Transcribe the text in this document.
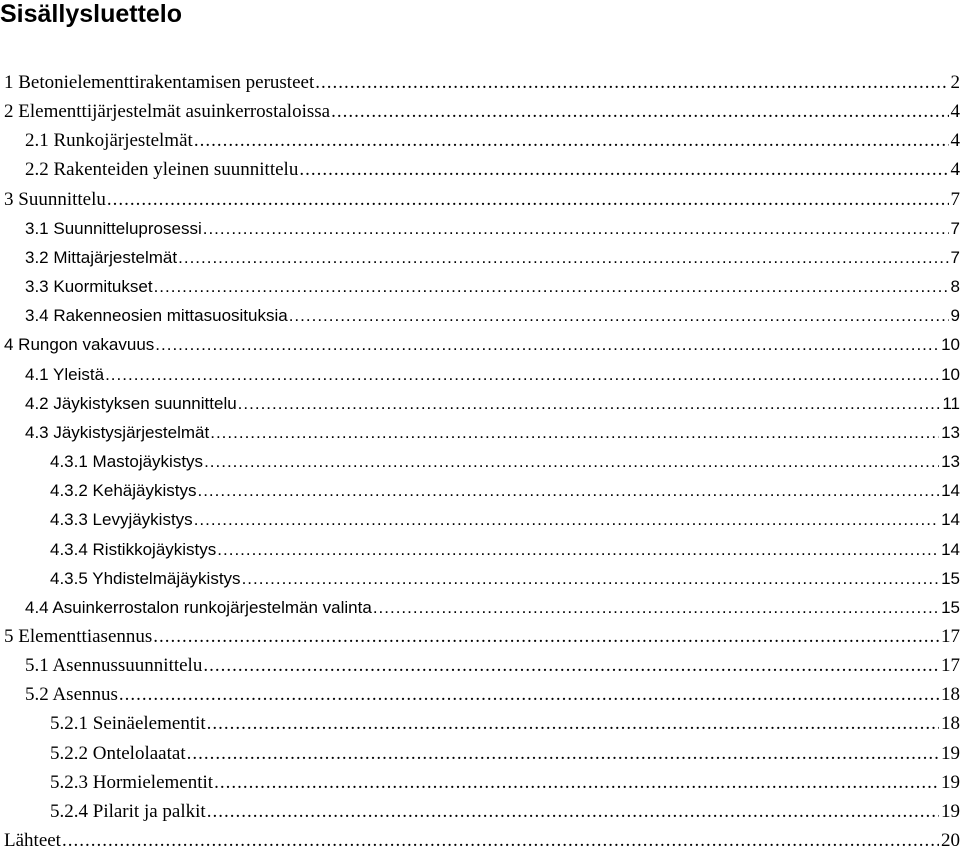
Sisällysluettelo
1 Betonielementtirakentamisen perusteet .....	2
2 Elementtijärjestelmät asuinkerrostaloissa .....	4
2.1 Runkojärjestelmät .....	4
2.2 Rakenteiden yleinen suunnittelu .....	4
3 Suunnittelu .....	7
3.1 Suunnitteluprosessi .....	7
3.2 Mittajärjestelmät .....	7
3.3 Kuormitukset .....	8
3.4 Rakenneosien mittasuosituksia .....	9
4 Rungon vakavuus .....	10
4.1 Yleistä .....	10
4.2 Jäykistyksen suunnittelu .....	11
4.3 Jäykistysjärjestelmät .....	13
4.3.1 Mastojäykistys .....	13
4.3.2 Kehäjäykistys .....	14
4.3.3 Levyjäykistys .....	14
4.3.4 Ristikkojäykistys .....	14
4.3.5 Yhdistelmäjäykistys .....	15
4.4 Asuinkerrostalon runkojärjestelmän valinta .....	15
5 Elementtiasennus .....	17
5.1 Asennussuunnittelu .....	17
5.2 Asennus .....	18
5.2.1 Seinäelementit .....	18
5.2.2 Ontelolaatat .....	19
5.2.3 Hormielementit .....	19
5.2.4 Pilarit ja palkit .....	19
Lähteet .....	20
